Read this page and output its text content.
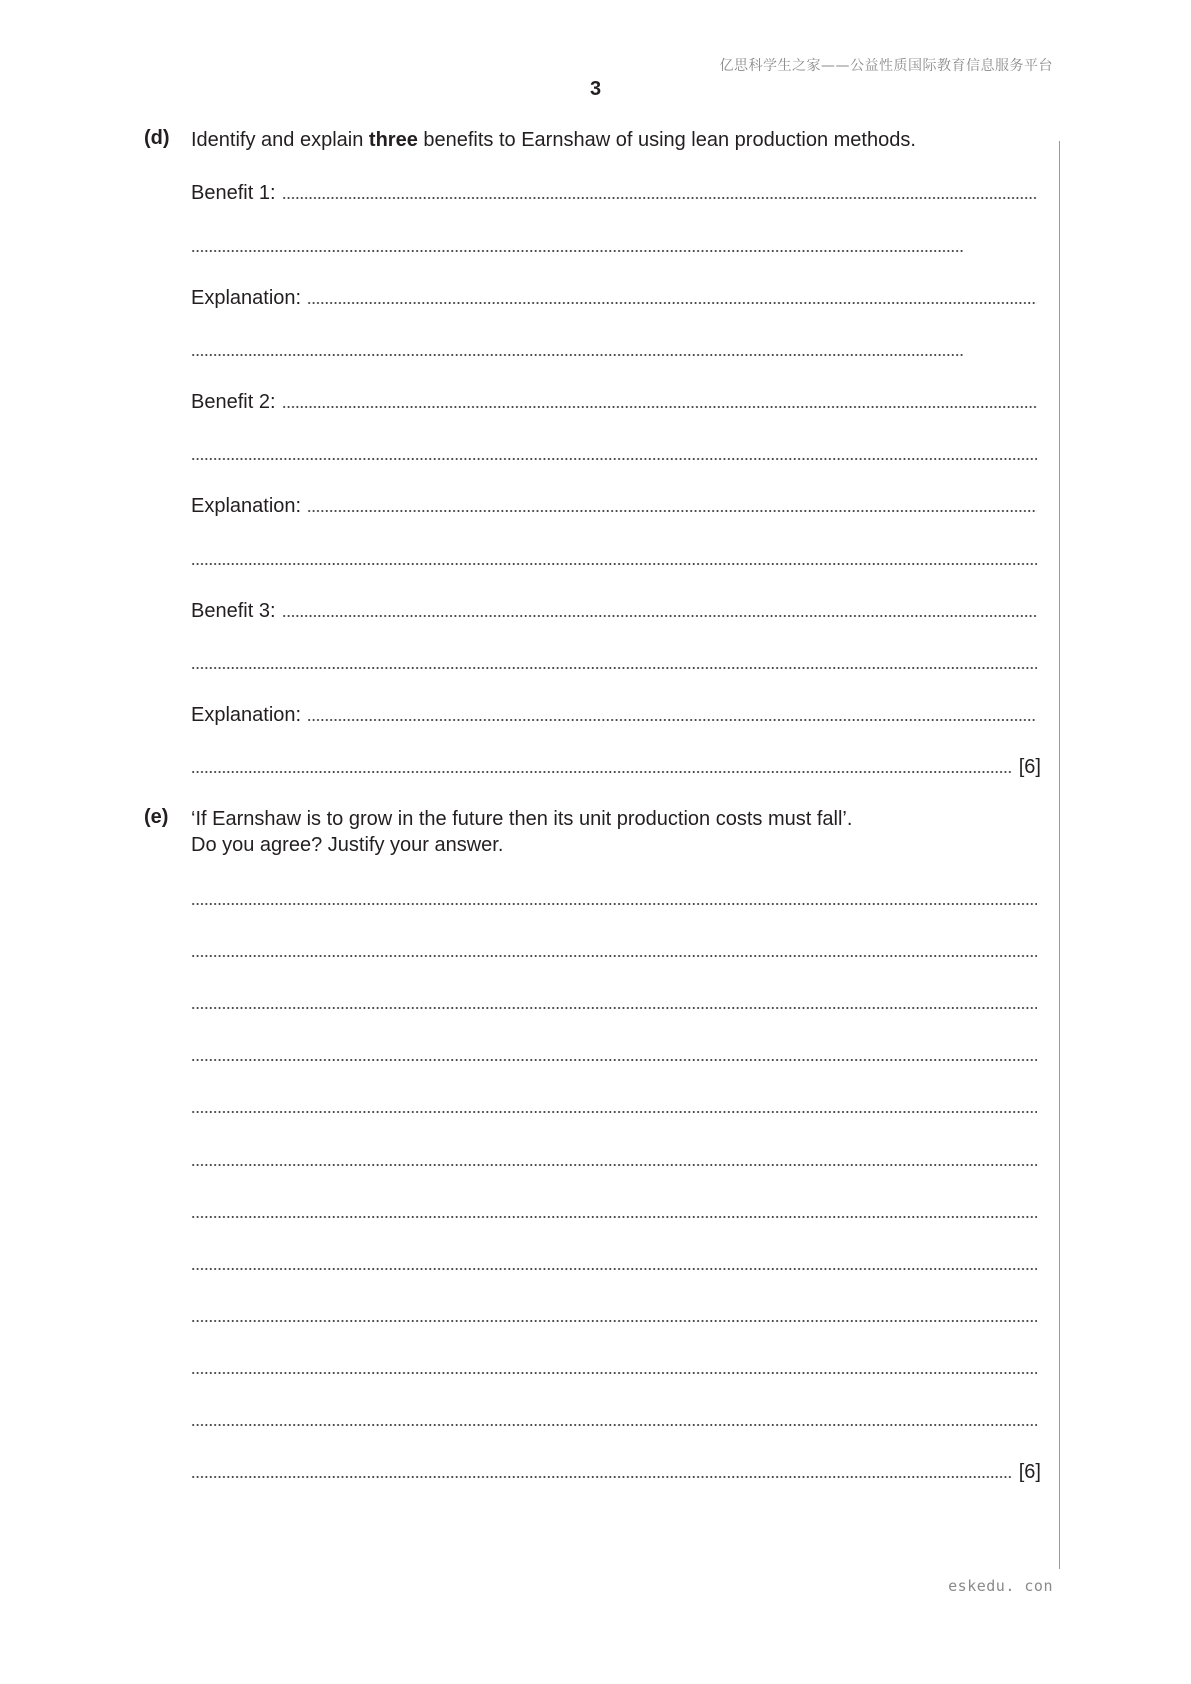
亿思科学生之家——公益性质国际教育信息服务平台
3
(d) Identify and explain three benefits to Earnshaw of using lean production methods.
Benefit 1:
Explanation:
Benefit 2:
Explanation:
Benefit 3:
Explanation:
[6]
(e) ‘If Earnshaw is to grow in the future then its unit production costs must fall’.
Do you agree? Justify your answer.
[6]
eskedu. con
